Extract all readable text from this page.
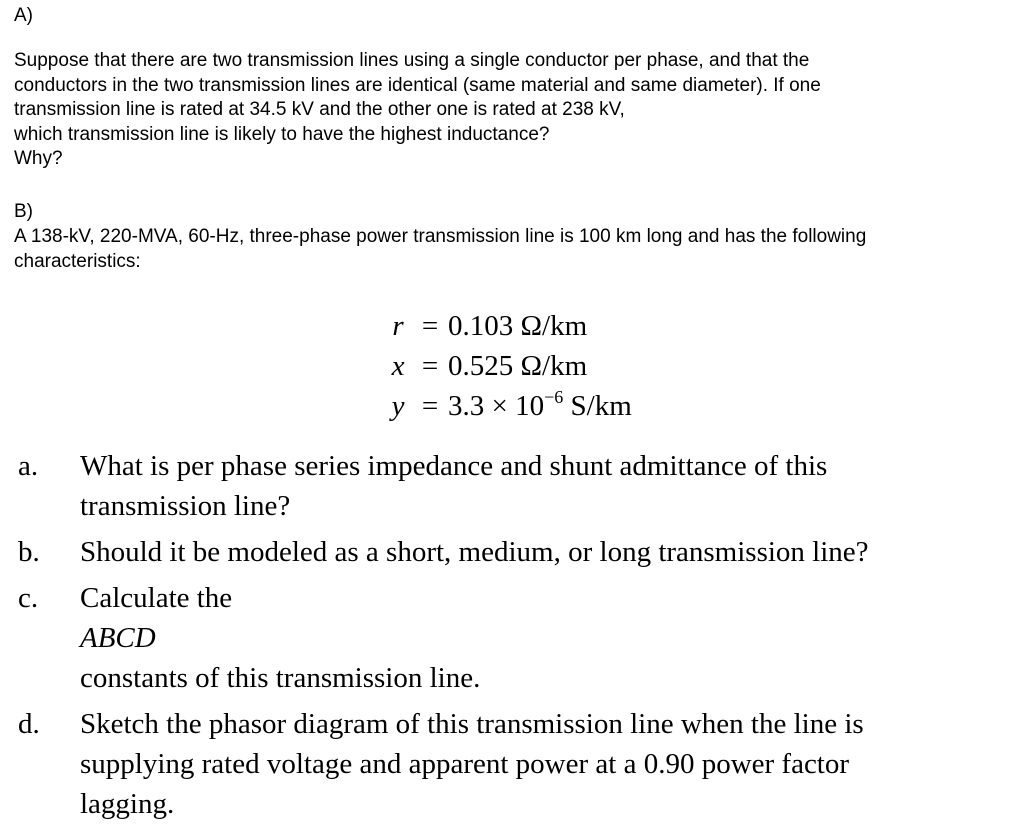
A)

Suppose that there are two transmission lines using a single conductor per phase, and that the
conductors in the two transmission lines are identical (same material and same diameter). If one
transmission line is rated at 34.5 kV and the other one is rated at 238 kV,
which transmission line is likely to have the highest inductance?
Why?

B)

A 138-kV, 220-MVA, 60-Hz, three-phase power transmission line is 100 km long and has the following
characteristics:
r = 0.103 Ω/km
x = 0.525 Ω/km
$y = 3.3 \times 10^{-6}$ S/km
a.	What is per phase series impedance and shunt admittance of this
transmission line?
b.	Should it be modeled as a short, medium, or long transmission line?
c.	Calculate the
ABCD
constants of this transmission line.
d.	Sketch the phasor diagram of this transmission line when the line is
supplying rated voltage and apparent power at a 0.90 power factor
lagging.
